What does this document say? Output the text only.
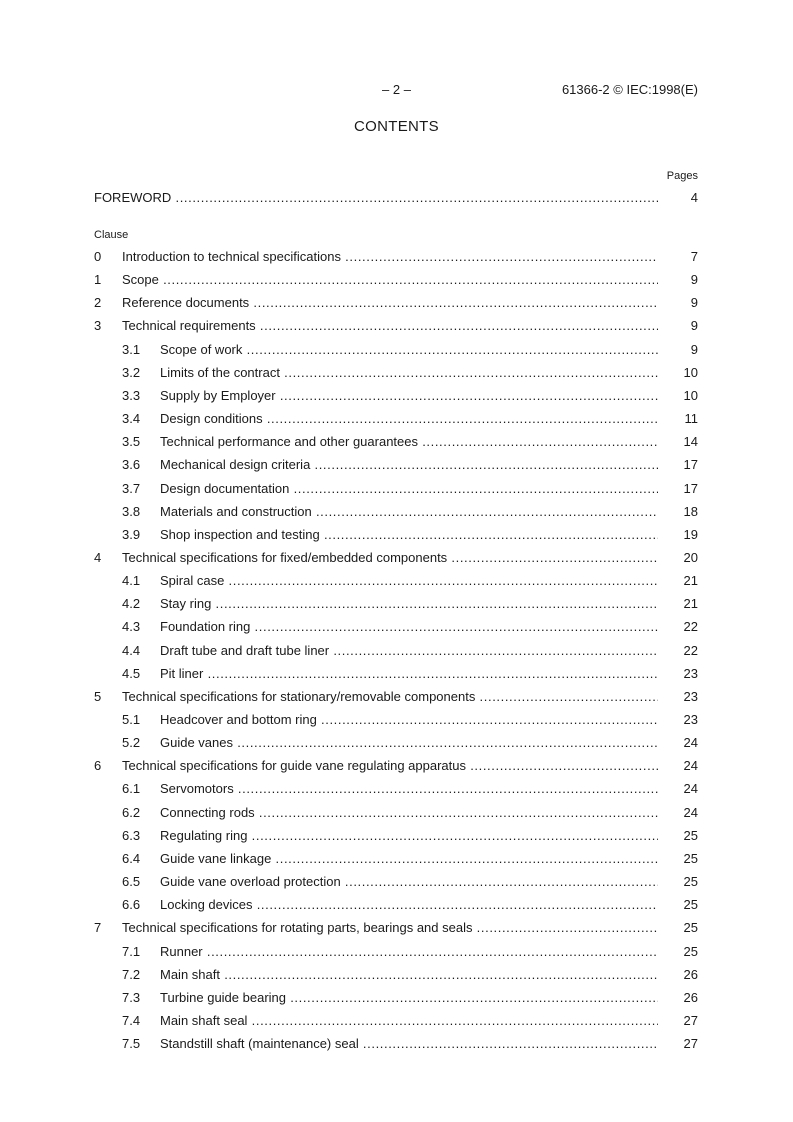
– 2 –	61366-2 © IEC:1998(E)
CONTENTS
Pages
FOREWORD .....	4
Clause
0 Introduction to technical specifications .....	7
1 Scope .....	9
2 Reference documents .....	9
3 Technical requirements .....	9
3.1 Scope of work .....	9
3.2 Limits of the contract .....	10
3.3 Supply by Employer .....	10
3.4 Design conditions .....	11
3.5 Technical performance and other guarantees .....	14
3.6 Mechanical design criteria .....	17
3.7 Design documentation .....	17
3.8 Materials and construction .....	18
3.9 Shop inspection and testing .....	19
4 Technical specifications for fixed/embedded components .....	20
4.1 Spiral case .....	21
4.2 Stay ring .....	21
4.3 Foundation ring .....	22
4.4 Draft tube and draft tube liner .....	22
4.5 Pit liner .....	23
5 Technical specifications for stationary/removable components .....	23
5.1 Headcover and bottom ring .....	23
5.2 Guide vanes .....	24
6 Technical specifications for guide vane regulating apparatus .....	24
6.1 Servomotors .....	24
6.2 Connecting rods .....	24
6.3 Regulating ring .....	25
6.4 Guide vane linkage .....	25
6.5 Guide vane overload protection .....	25
6.6 Locking devices .....	25
7 Technical specifications for rotating parts, bearings and seals .....	25
7.1 Runner .....	25
7.2 Main shaft .....	26
7.3 Turbine guide bearing .....	26
7.4 Main shaft seal .....	27
7.5 Standstill shaft (maintenance) seal .....	27
